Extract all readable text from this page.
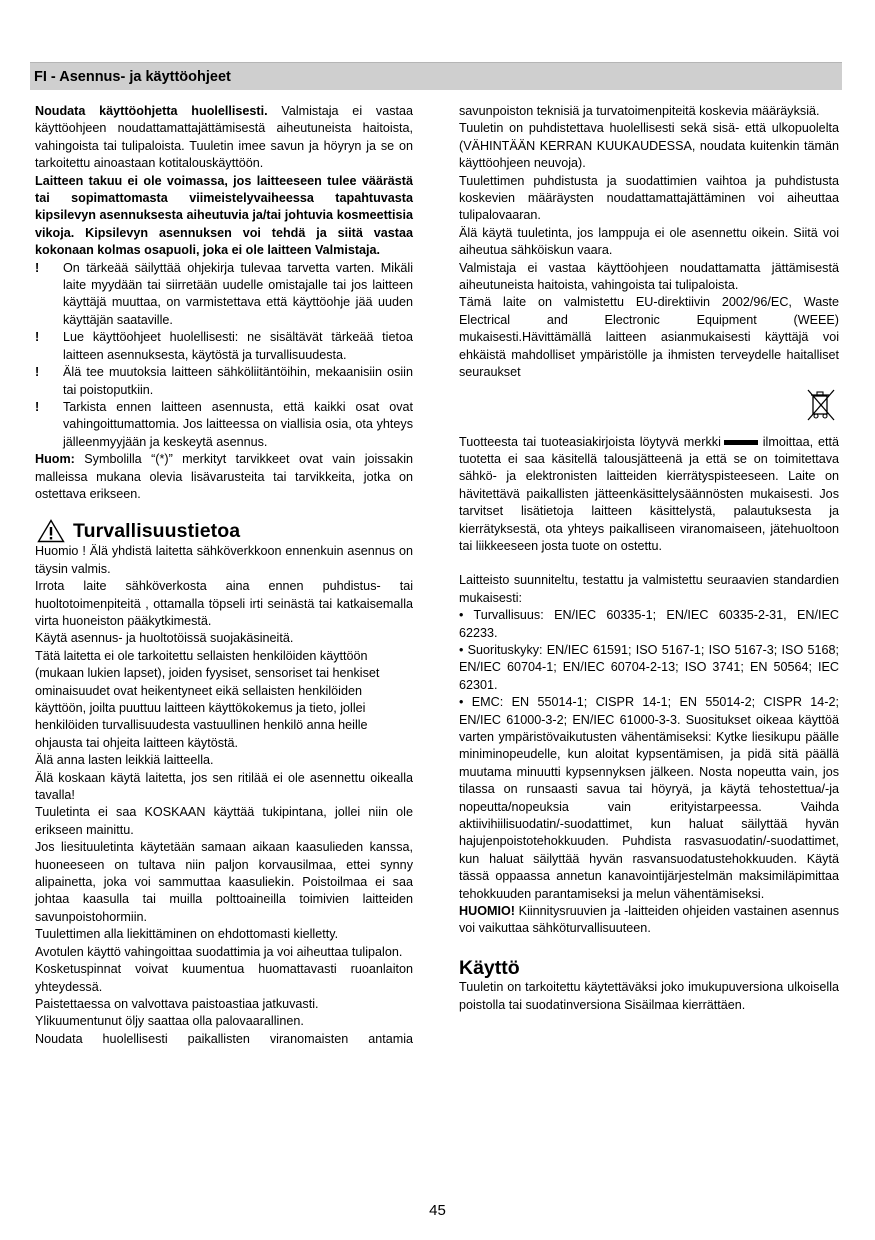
FI - Asennus- ja käyttöohjeet

Noudata käyttöohjetta huolellisesti. Valmistaja ei vastaa käyttöohjeen noudattamattajättämisestä aiheutuneista haitoista, vahingoista tai tulipaloista. Tuuletin imee savun ja höyryn ja se on tarkoitettu ainoastaan kotitalouskäyttöön.

Laitteen takuu ei ole voimassa, jos laitteeseen tulee väärästä tai sopimattomasta viimeistelyvaiheessa tapahtuvasta kipsilevyn asennuksesta aiheutuvia ja/tai johtuvia kosmeettisia vikoja. Kipsilevyn asennuksen voi tehdä ja siitä vastaa kokonaan kolmas osapuoli, joka ei ole laitteen Valmistaja.

!	On tärkeää säilyttää ohjekirja tulevaa tarvetta varten. Mikäli laite myydään tai siirretään uudelle omistajalle tai jos laitteen käyttäjä muuttaa, on varmistettava että käyttöohje jää uuden käyttäjän saataville.
!	Lue käyttöohjeet huolellisesti: ne sisältävät tärkeää tietoa laitteen asennuksesta, käytöstä ja turvallisuudesta.
!	Älä tee muutoksia laitteen sähköliitäntöihin, mekaanisiin osiin tai poistoputkiin.
!	Tarkista ennen laitteen asennusta, että kaikki osat ovat vahingoittumattomia. Jos laitteessa on viallisia osia, ota yhteys jälleenmyyjään ja keskeytä asennus.

Huom: Symbolilla “(*)” merkityt tarvikkeet ovat vain joissakin malleissa mukana olevia lisävarusteita tai tarvikkeita, jotka on ostettava erikseen.

Turvallisuustietoa

Huomio ! Älä yhdistä laitetta sähköverkkoon ennenkuin asennus on täysin valmis.

Irrota laite sähköverkosta aina ennen puhdistus- tai huoltotoimenpiteitä , ottamalla töpseli irti seinästä tai katkaisemalla virta huoneiston pääkytkimestä.

Käytä asennus- ja huoltotöissä suojakäsineitä.

Tätä laitetta ei ole tarkoitettu sellaisten henkilöiden käyttöön (mukaan lukien lapset), joiden fyysiset, sensoriset tai henkiset ominaisuudet ovat heikentyneet eikä sellaisten henkilöiden käyttöön, joilta puuttuu laitteen käyttökokemus ja tieto, jollei henkilöiden turvallisuudesta vastuullinen henkilö anna heille ohjausta tai ohjeita laitteen käytöstä.

Älä anna lasten leikkiä laitteella.

Älä koskaan käytä laitetta, jos sen ritilää ei ole asennettu oikealla tavalla!

Tuuletinta ei saa KOSKAAN käyttää tukipintana, jollei niin ole erikseen mainittu.

Jos liesituuletinta käytetään samaan aikaan kaasulieden kanssa, huoneeseen on tultava niin paljon korvausilmaa, ettei synny alipainetta, joka voi sammuttaa kaasuliekin. Poistoilmaa ei saa johtaa kaasulla tai muilla polttoaineilla toimivien laitteiden savunpoistohormiin.

Tuulettimen alla liekittäminen on ehdottomasti kielletty.

Avotulen käyttö vahingoittaa suodattimia ja voi aiheuttaa tulipalon.

Kosketuspinnat voivat kuumentua huomattavasti ruoanlaiton yhteydessä.

Paistettaessa on valvottava paistoastiaa jatkuvasti.

Ylikuumentunut öljy saattaa olla palovaarallinen.

Noudata huolellisesti paikallisten viranomaisten antamia

savunpoiston teknisiä ja turvatoimenpiteitä koskevia määräyksiä.

Tuuletin on puhdistettava huolellisesti sekä sisä- että ulkopuolelta (VÄHINTÄÄN KERRAN KUUKAUDESSA, noudata kuitenkin tämän käyttöohjeen neuvoja).

Tuulettimen puhdistusta ja suodattimien vaihtoa ja puhdistusta koskevien määräysten noudattamattajättäminen voi aiheuttaa tulipalovaaran.

Älä käytä tuuletinta, jos lamppuja ei ole asennettu oikein. Siitä voi aiheutua sähköiskun vaara.

Valmistaja ei vastaa käyttöohjeen noudattamatta jättämisestä aiheutuneista haitoista, vahingoista tai tulipaloista.

Tämä laite on valmistettu EU-direktiivin 2002/96/EC, Waste Electrical and Electronic Equipment (WEEE) mukaisesti.Hävittämällä laitteen asianmukaisesti käyttäjä voi ehkäistä mahdolliset ympäristölle ja ihmisten terveydelle haitalliset seuraukset

Tuotteesta tai tuoteasiakirjoista löytyvä merkki	ilmoittaa, että tuotetta ei saa käsitellä talousjätteenä ja että se on toimitettava sähkö- ja elektronisten laitteiden kierrätyspisteeseen. Laite on hävitettävä paikallisten jätteenkäsittelysäännösten mukaisesti. Jos tarvitset lisätietoja laitteen käsittelystä, palautuksesta ja kierrätyksestä, ota yhteys paikalliseen viranomaiseen, jätehuoltoon tai liikkeeseen josta tuote on ostettu.

Laitteisto suunniteltu, testattu ja valmistettu seuraavien standardien mukaisesti:

• Turvallisuus: EN/IEC 60335-1; EN/IEC 60335-2-31, EN/IEC 62233.

• Suorituskyky: EN/IEC 61591; ISO 5167-1; ISO 5167-3; ISO 5168; EN/IEC 60704-1; EN/IEC 60704-2-13; ISO 3741; EN 50564; IEC 62301.

• EMC: EN 55014-1; CISPR 14-1; EN 55014-2; CISPR 14-2; EN/IEC 61000-3-2; EN/IEC 61000-3-3. Suositukset oikeaa käyttöä varten ympäristövaikutusten vähentämiseksi: Kytke liesikupu päälle miniminopeudelle, kun aloitat kypsentämisen, ja pidä sitä päällä muutama minuutti kypsennyksen jälkeen. Nosta nopeutta vain, jos tilassa on runsaasti savua tai höyryä, ja käytä tehostettua/-ja nopeutta/nopeuksia vain erityistarpeessa. Vaihda aktiivihiilisuodatin/-suodattimet, kun haluat säilyttää hyvän hajujenpoistotehokkuuden. Puhdista rasvasuodatin/-suodattimet, kun haluat säilyttää hyvän rasvansuodatustehokkuuden. Käytä tässä oppaassa annetun kanavointijärjestelmän maksimiläpimittaa tehokkuuden parantamiseksi ja melun vähentämiseksi.

HUOMIO! Kiinnitysruuvien ja -laitteiden ohjeiden vastainen asennus voi vaikuttaa sähköturvallisuuteen.

Käyttö

Tuuletin on tarkoitettu käytettäväksi joko imukupuversiona ulkoisella poistolla tai suodatinversiona Sisäilmaa kierrättäen.

45
